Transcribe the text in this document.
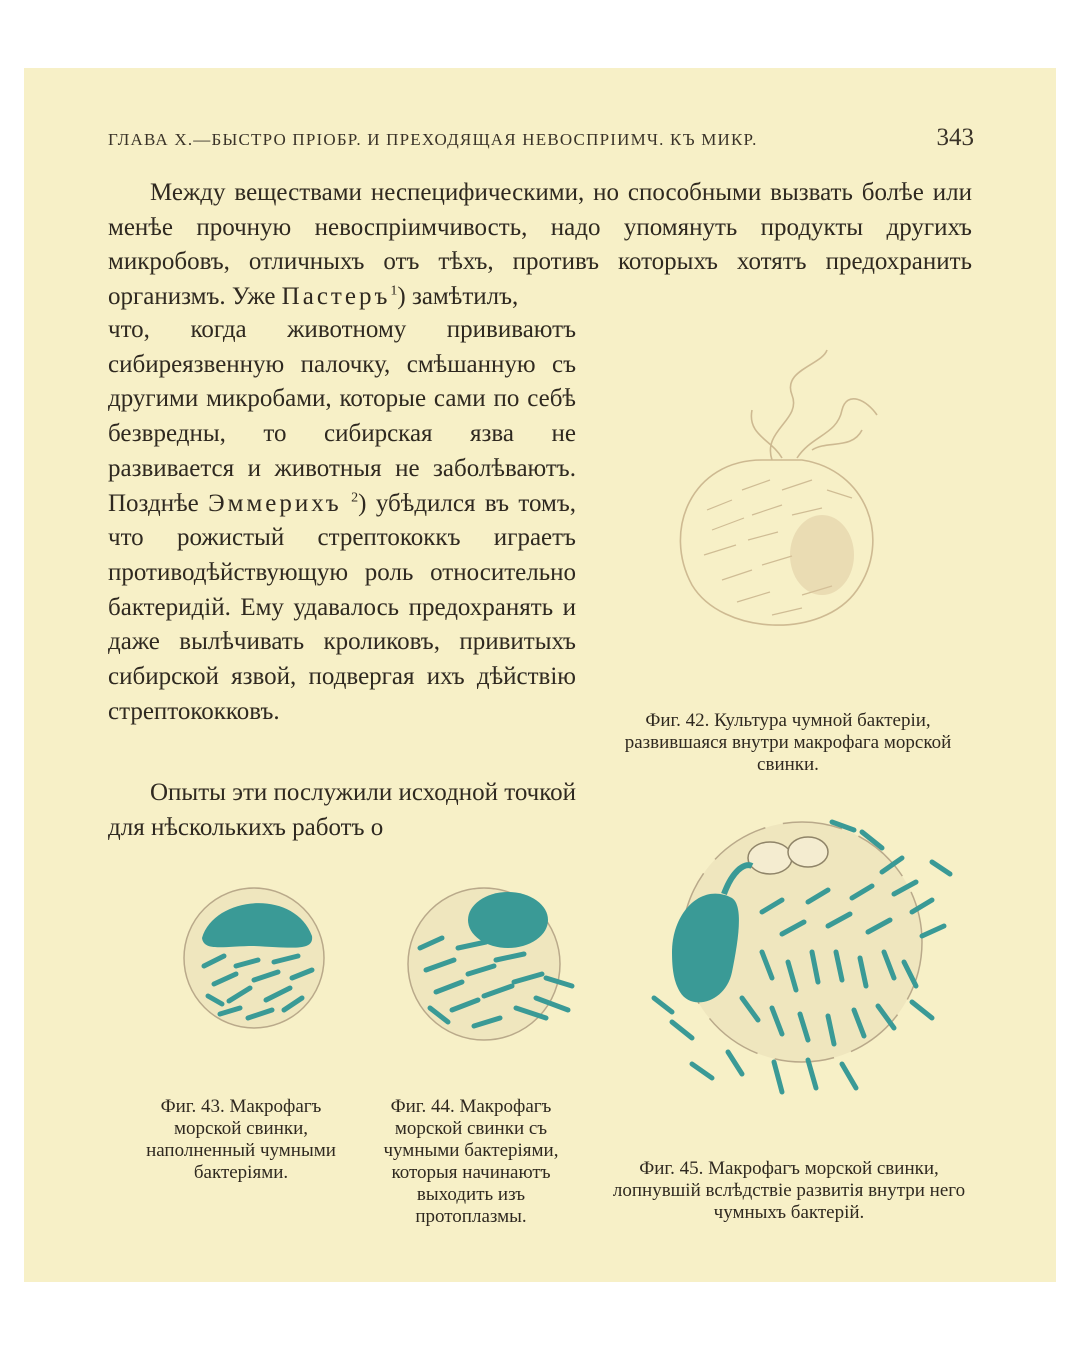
ГЛАВА X.—БЫСТРО ПРІОБР. И ПРЕХОДЯЩАЯ НЕВОСПРІИМЧ. КЪ МИКР.	343
Между веществами неспецифическими, но способными вызвать болѣе или менѣе прочную невоспріимчивость, надо упомянуть продукты другихъ микробовъ, отличныхъ отъ тѣхъ, противъ которыхъ хотятъ предохранить организмъ. Уже Пастеръ$^1$) замѣтилъ,
что, когда животному прививаютъ сибиреязвенную палочку, смѣшанную съ другими микробами, которые сами по себѣ безвредны, то сибирская язва не развивается и животныя не заболѣваютъ. Позднѣе Эммерихъ $^2$) убѣдился въ томъ, что рожистый стрептококкъ играетъ противодѣйствующую роль относительно бактеридій. Ему удавалось предохранять и даже вылѣчивать кроликовъ, привитыхъ сибирской язвой, подвергая ихъ дѣйствію стрептококковъ.
Опыты эти послужили исходной точкой для нѣсколькихъ работъ о
Фиг. 42. Культура чумной бактеріи, развившаяся внутри макрофага морской свинки.
Фиг. 43. Макрофагъ морской свинки, наполненный чумными бактеріями.
Фиг. 44. Макрофагъ морской свинки съ чумными бактеріями, которыя начинаютъ выходить изъ протоплазмы.
Фиг. 45. Макрофагъ морской свинки, лопнувшій вслѣдствіе развитія внутри него чумныхъ бактерій.
